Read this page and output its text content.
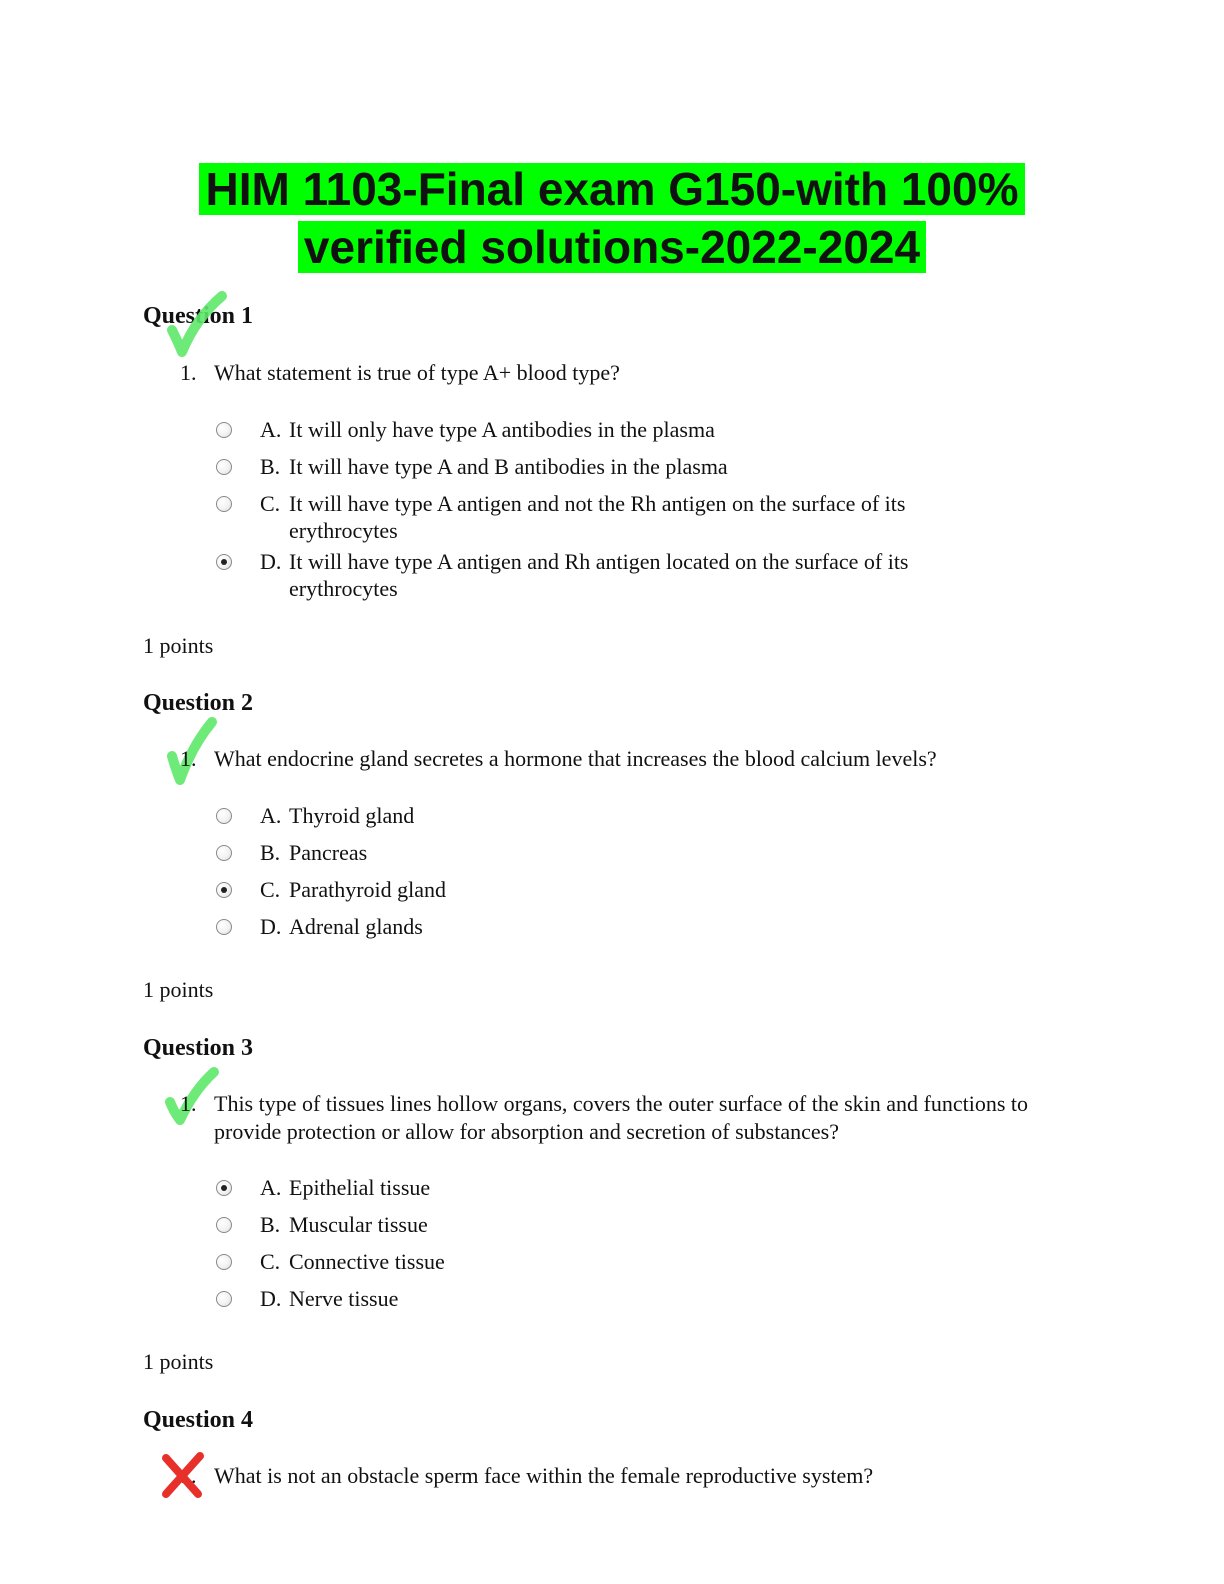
HIM 1103-Final exam G150-with 100%
verified solutions-2022-2024
Question 1
1. What statement is true of type A+ blood type?
A. It will only have type A antibodies in the plasma
B. It will have type A and B antibodies in the plasma
C. It will have type A antigen and not the Rh antigen on the surface of its erythrocytes
D. It will have type A antigen and Rh antigen located on the surface of its erythrocytes
1 points
Question 2
1. What endocrine gland secretes a hormone that increases the blood calcium levels?
A. Thyroid gland
B. Pancreas
C. Parathyroid gland
D. Adrenal glands
1 points
Question 3
1. This type of tissues lines hollow organs, covers the outer surface of the skin and functions to provide protection or allow for absorption and secretion of substances?
A. Epithelial tissue
B. Muscular tissue
C. Connective tissue
D. Nerve tissue
1 points
Question 4
1. What is not an obstacle sperm face within the female reproductive system?
